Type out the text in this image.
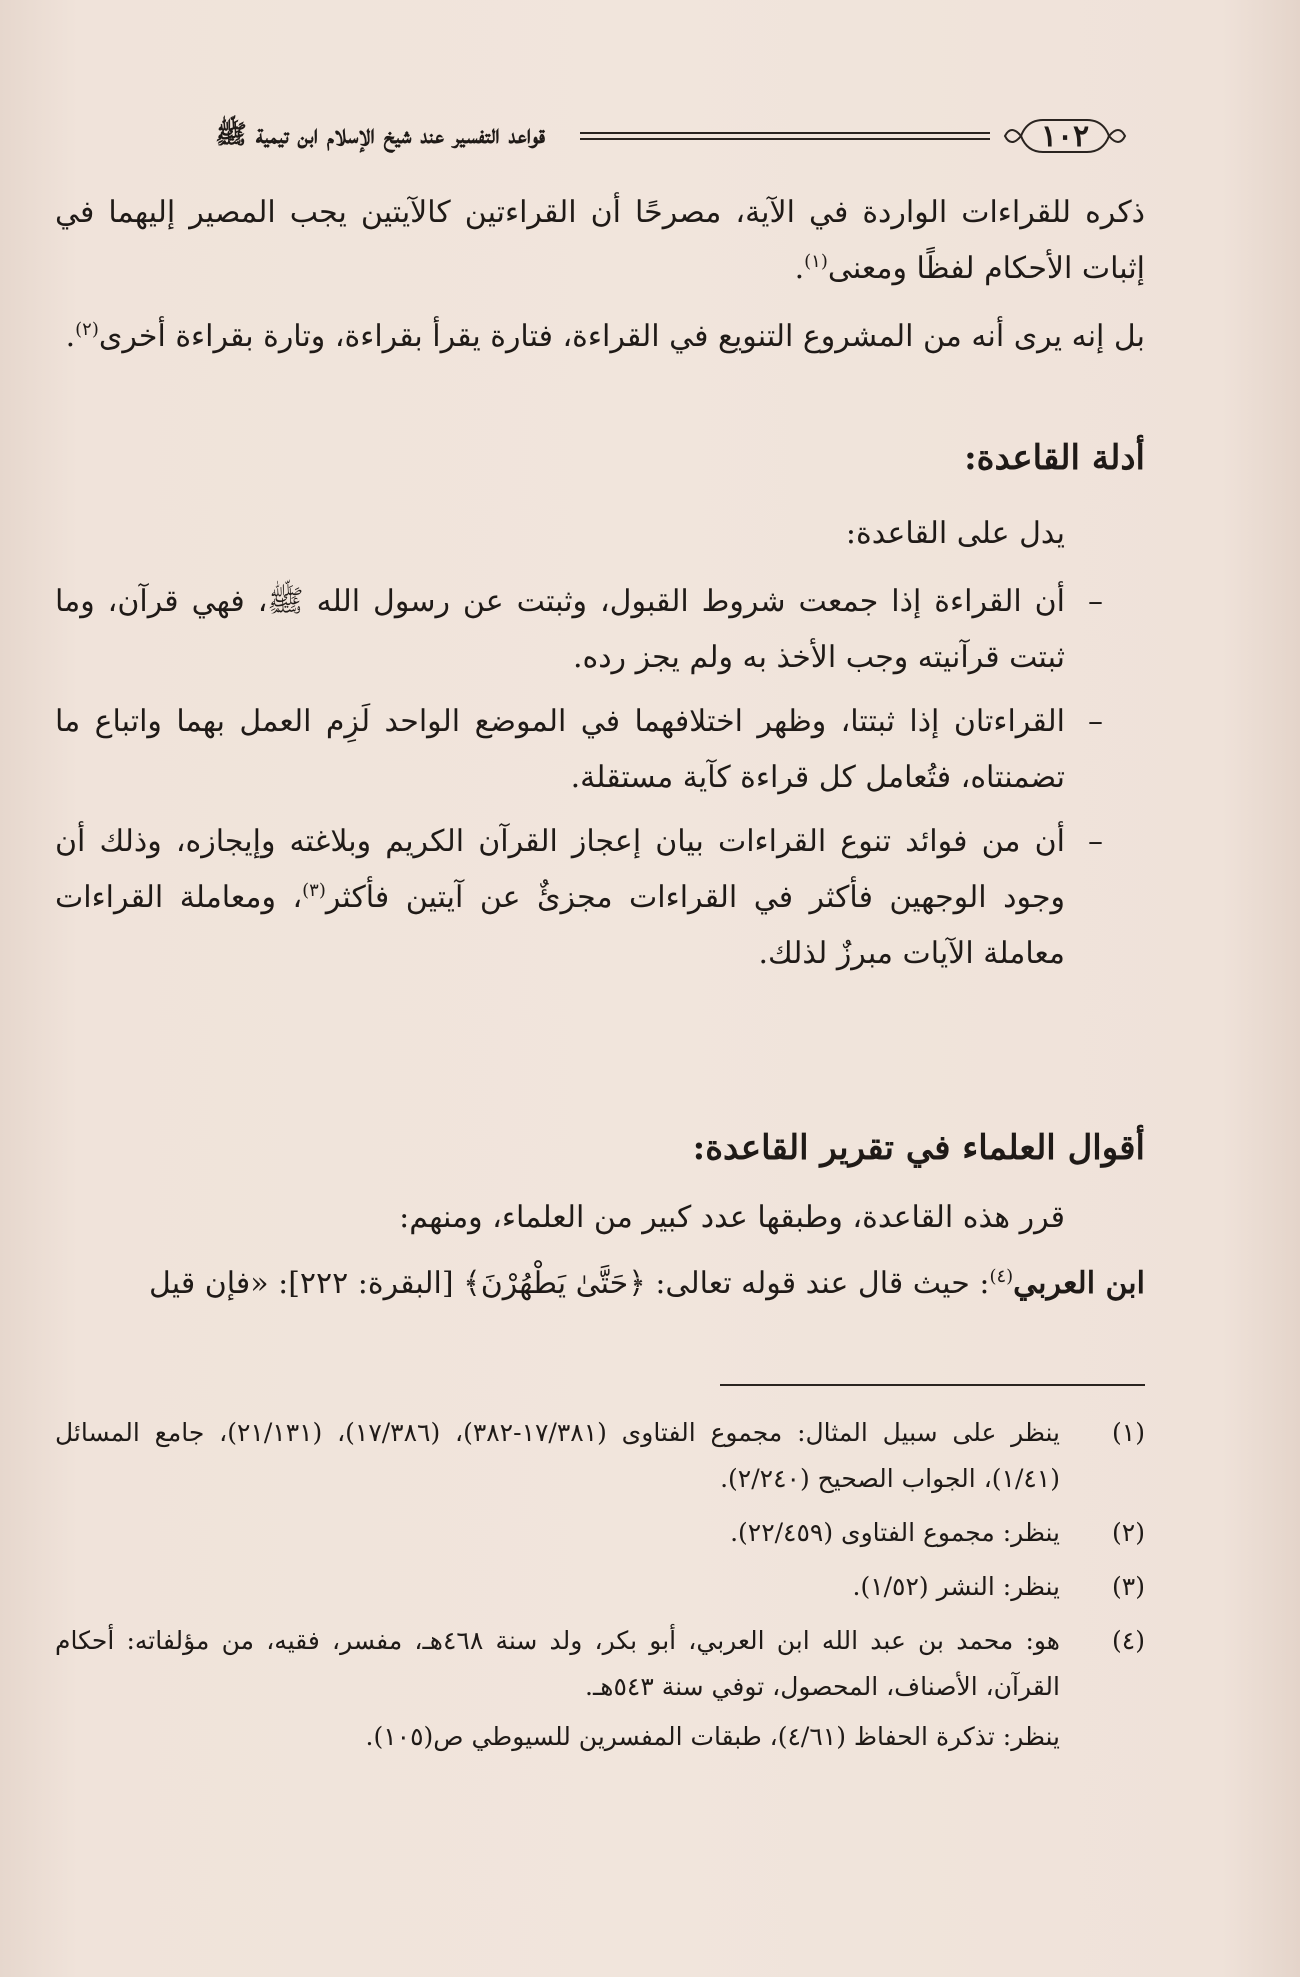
قواعد التفسير عند شيخ الإسلام ابن تيمية ﷺ	١٠٢

ذكره للقراءات الواردة في الآية، مصرحًا أن القراءتين كالآيتين يجب المصير إليهما في إثبات الأحكام لفظًا ومعنى$^{(١)}$.

بل إنه يرى أنه من المشروع التنويع في القراءة، فتارة يقرأ بقراءة، وتارة بقراءة أخرى$^{(٢)}$.

أدلة القاعدة:

يدل على القاعدة:

–
أن القراءة إذا جمعت شروط القبول، وثبتت عن رسول الله ﷺ، فهي قرآن، وما ثبتت قرآنيته وجب الأخذ به ولم يجز رده.

–
القراءتان إذا ثبتتا، وظهر اختلافهما في الموضع الواحد لَزِم العمل بهما واتباع ما تضمنتاه، فتُعامل كل قراءة كآية مستقلة.

–
أن من فوائد تنوع القراءات بيان إعجاز القرآن الكريم وبلاغته وإيجازه، وذلك أن وجود الوجهين فأكثر في القراءات مجزئٌ عن آيتين فأكثر$^{(٣)}$، ومعاملة القراءات معاملة الآيات مبرزٌ لذلك.

أقوال العلماء في تقرير القاعدة:

قرر هذه القاعدة، وطبقها عدد كبير من العلماء، ومنهم:

ابن العربي$^{(٤)}$: حيث قال عند قوله تعالى: ﴿حَتَّىٰ يَطْهُرْنَ﴾ [البقرة: ٢٢٢]: «فإن قيل

(١)
ينظر على سبيل المثال: مجموع الفتاوى (١٧/٣٨١-٣٨٢)، (١٧/٣٨٦)، (٢١/١٣١)، جامع المسائل (١/٤١)، الجواب الصحيح (٢/٢٤٠).

(٢)
ينظر: مجموع الفتاوى (٢٢/٤٥٩).

(٣)
ينظر: النشر (١/٥٢).

(٤)
هو: محمد بن عبد الله ابن العربي، أبو بكر، ولد سنة ٤٦٨هـ، مفسر، فقيه، من مؤلفاته: أحكام القرآن، الأصناف، المحصول، توفي سنة ٥٤٣هـ.

ينظر: تذكرة الحفاظ (٤/٦١)، طبقات المفسرين للسيوطي ص(١٠٥).
